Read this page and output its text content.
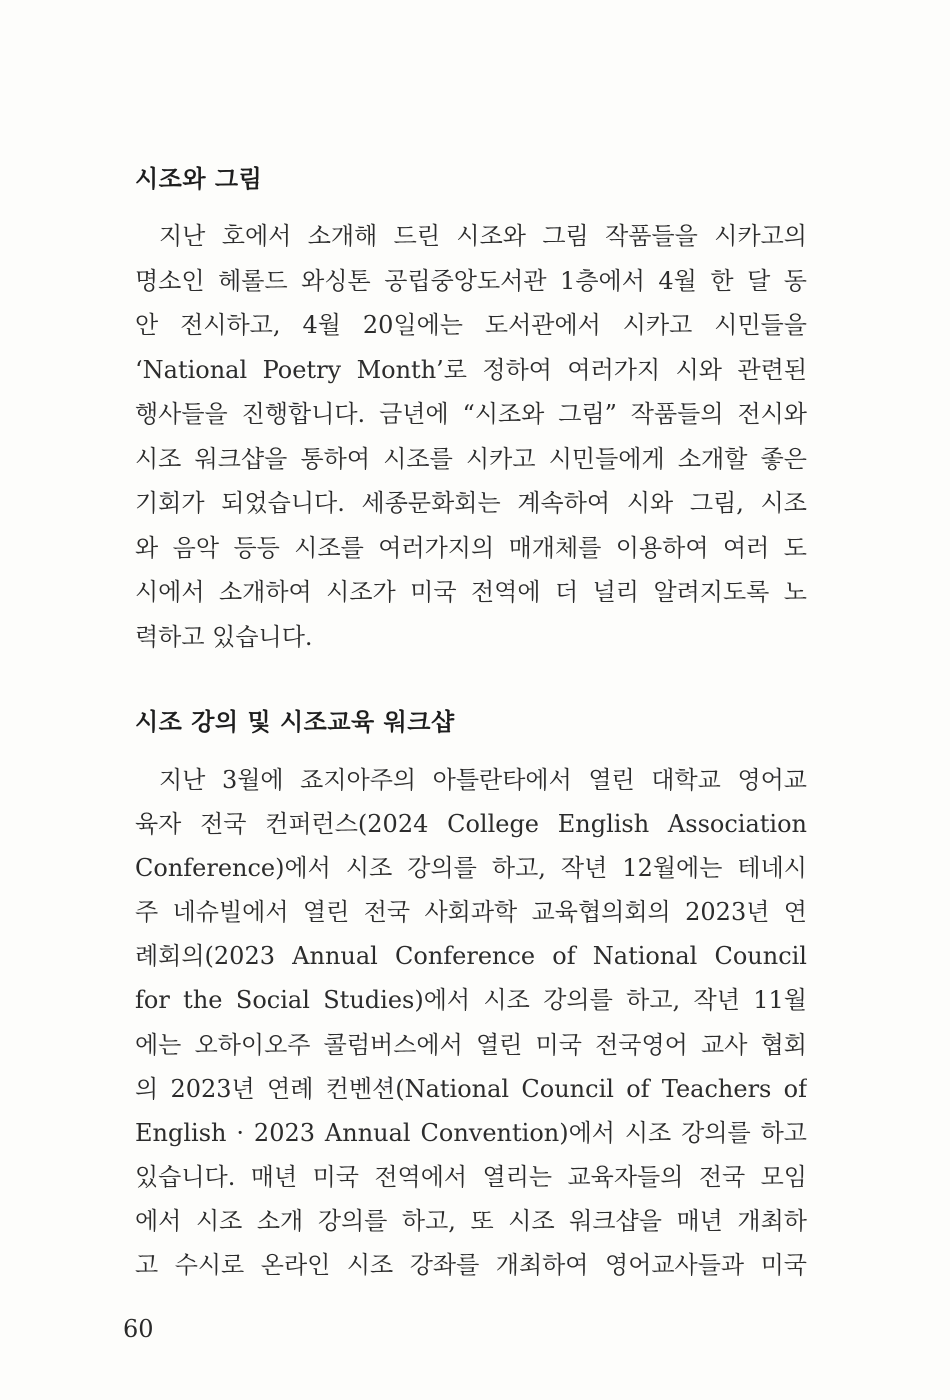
시조와 그림
지난 호에서 소개해 드린 시조와 그림 작품들을 시카고의
명소인 헤롤드 와싱톤 공립중앙도서관 1층에서 4월 한 달 동
안 전시하고, 4월 20일에는 도서관에서 시카고 시민들을
‘National Poetry Month’로 정하여 여러가지 시와 관련된
행사들을 진행합니다. 금년에 “시조와 그림” 작품들의 전시와
시조 워크샵을 통하여 시조를 시카고 시민들에게 소개할 좋은
기회가 되었습니다. 세종문화회는 계속하여 시와 그림, 시조
와 음악 등등 시조를 여러가지의 매개체를 이용하여 여러 도
시에서 소개하여 시조가 미국 전역에 더 널리 알려지도록 노
력하고 있습니다.
시조 강의 및 시조교육 워크샵
지난 3월에 죠지아주의 아틀란타에서 열린 대학교 영어교
육자 전국 컨퍼런스(2024 College English Association
Conference)에서 시조 강의를 하고, 작년 12월에는 테네시
주 네슈빌에서 열린 전국 사회과학 교육협의회의 2023년 연
례회의(2023 Annual Conference of National Council
for the Social Studies)에서 시조 강의를 하고, 작년 11월
에는 오하이오주 콜럼버스에서 열린 미국 전국영어 교사 협회
의 2023년 연례 컨벤션(National Council of Teachers of
English · 2023 Annual Convention)에서 시조 강의를 하고
있습니다. 매년 미국 전역에서 열리는 교육자들의 전국 모임
에서 시조 소개 강의를 하고, 또 시조 워크샵을 매년 개최하
고 수시로 온라인 시조 강좌를 개최하여 영어교사들과 미국
60
